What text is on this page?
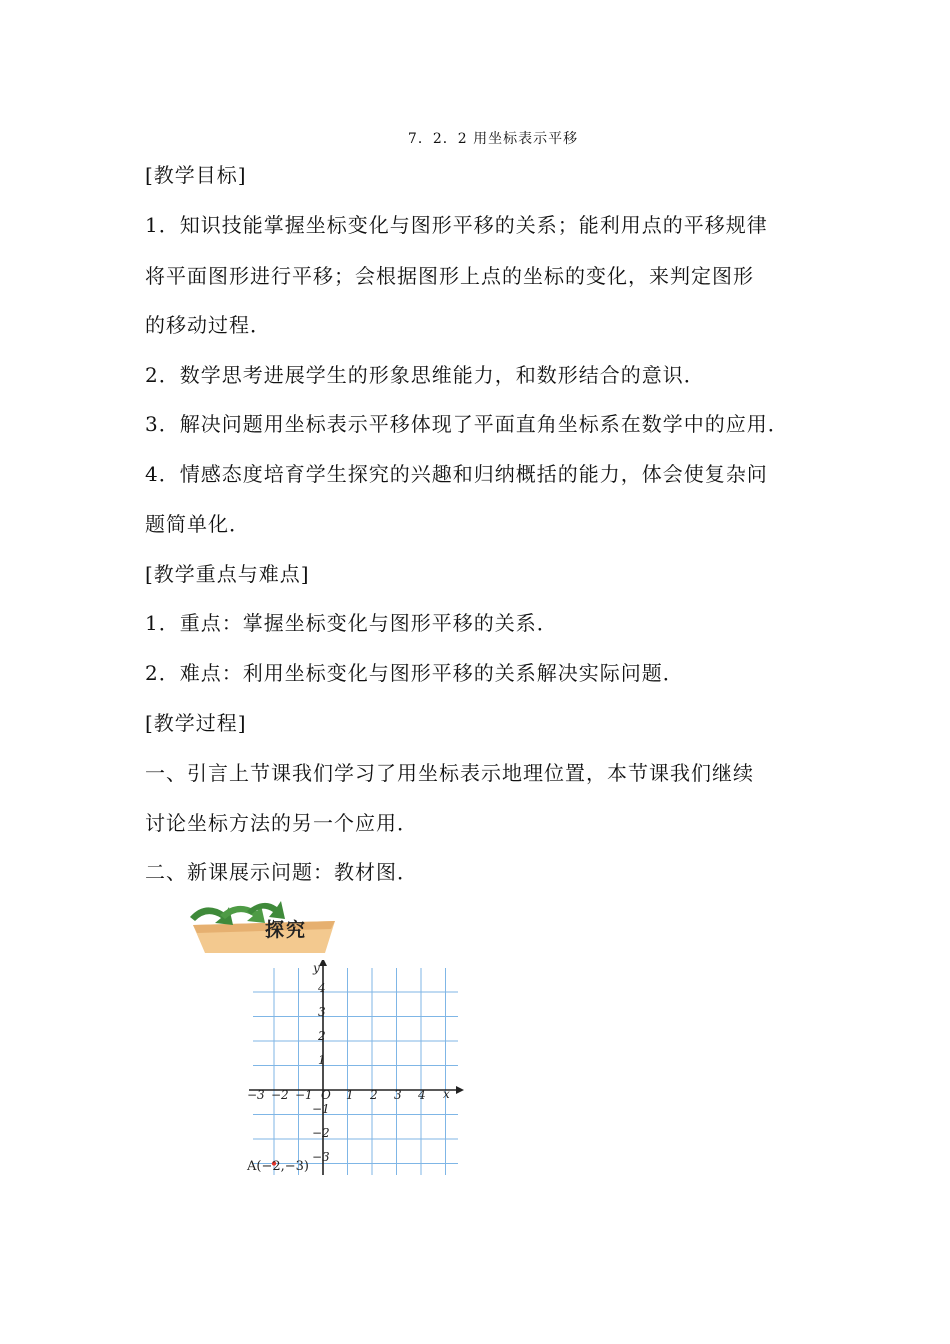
7．2．2 用坐标表示平移
[教学目标]
1．知识技能掌握坐标变化与图形平移的关系；能利用点的平移规律
将平面图形进行平移；会根据图形上点的坐标的变化，来判定图形
的移动过程．
2．数学思考进展学生的形象思维能力，和数形结合的意识．
3．解决问题用坐标表示平移体现了平面直角坐标系在数学中的应用．
4．情感态度培育学生探究的兴趣和归纳概括的能力，体会使复杂问
题简单化．
[教学重点与难点]
1．重点：掌握坐标变化与图形平移的关系．
2．难点：利用坐标变化与图形平移的关系解决实际问题．
[教学过程]
一、引言上节课我们学习了用坐标表示地理位置，本节课我们继续
讨论坐标方法的另一个应用．
二、新课展示问题：教材图．
探究
y
x
O
−3 −2 −1	1 2 3 4
4
3
2
1
−1
−2
−3
A(−2,−3)
